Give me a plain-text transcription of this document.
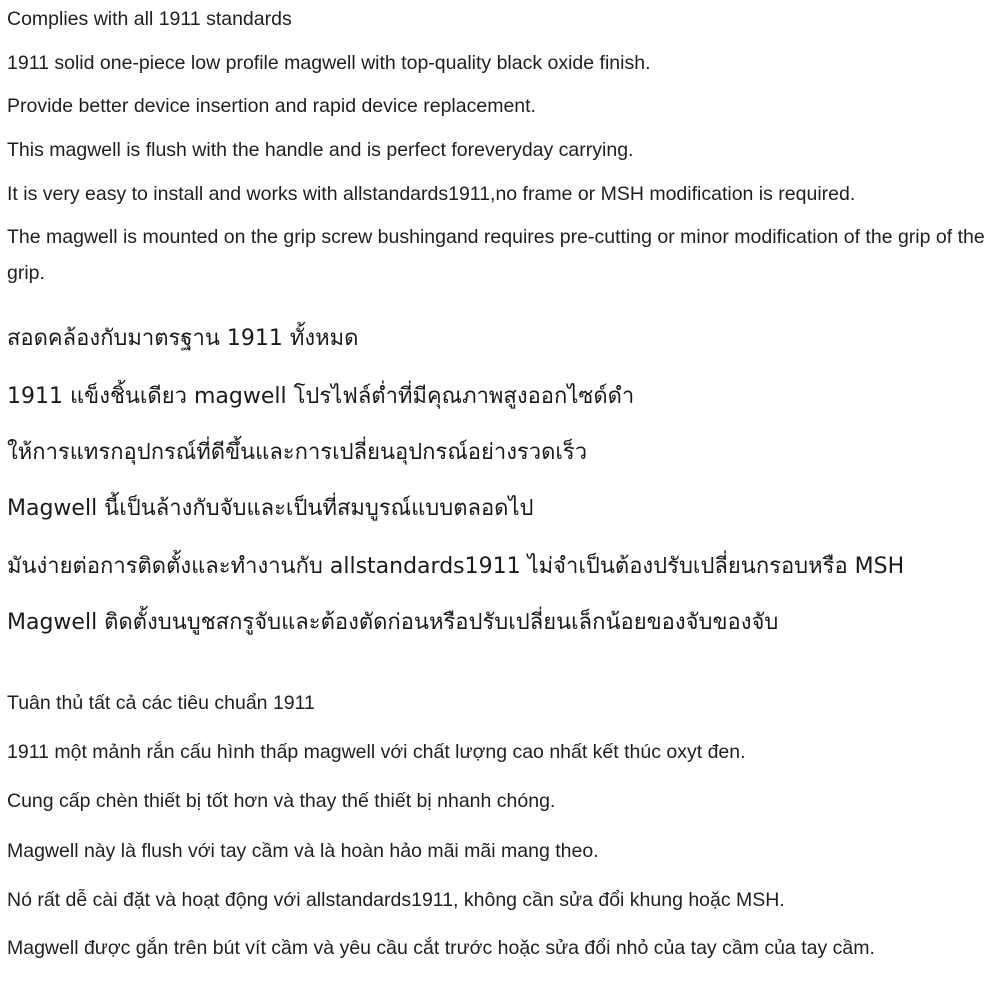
Complies with all 1911 standards
1911 solid one-piece low profile magwell with top-quality black oxide finish.
Provide better device insertion and rapid device replacement.
This magwell is flush with the handle and is perfect foreveryday carrying.
It is very easy to install and works with allstandards1911,no frame or MSH modification is required.
The magwell is mounted on the grip screw bushingand requires pre-cutting or minor modification of the grip of the grip.
สอดคล้องกับมาตรฐาน 1911 ทั้งหมด
1911 แข็งชิ้นเดียว magwell โปรไฟล์ต่ำที่มีคุณภาพสูงออกไซด์ดำ
ให้การแทรกอุปกรณ์ที่ดีขึ้นและการเปลี่ยนอุปกรณ์อย่างรวดเร็ว
Magwell นี้เป็นล้างกับจับและเป็นที่สมบูรณ์แบบตลอดไป
มันง่ายต่อการติดตั้งและทำงานกับ allstandards1911 ไม่จำเป็นต้องปรับเปลี่ยนกรอบหรือ MSH
Magwell ติดตั้งบนบูชสกรูจับและต้องตัดก่อนหรือปรับเปลี่ยนเล็กน้อยของจับของจับ
Tuân thủ tất cả các tiêu chuẩn 1911
1911 một mảnh rắn cấu hình thấp magwell với chất lượng cao nhất kết thúc oxyt đen.
Cung cấp chèn thiết bị tốt hơn và thay thế thiết bị nhanh chóng.
Magwell này là flush với tay cầm và là hoàn hảo mãi mãi mang theo.
Nó rất dễ cài đặt và hoạt động với allstandards1911, không cần sửa đổi khung hoặc MSH.
Magwell được gắn trên bút vít cầm và yêu cầu cắt trước hoặc sửa đổi nhỏ của tay cầm của tay cầm.
